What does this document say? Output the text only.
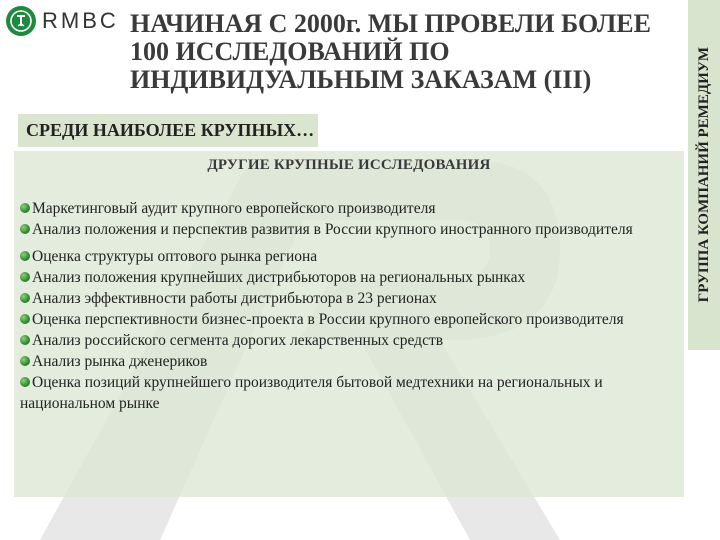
RMBC НАЧИНАЯ С 2000г. МЫ ПРОВЕЛИ БОЛЕЕ 100 ИССЛЕДОВАНИЙ ПО ИНДИВИДУАЛЬНЫМ ЗАКАЗАМ (III)	ГРУППА КОМПАНИЙ РЕМЕДИУМ
СРЕДИ НАИБОЛЕЕ КРУПНЫХ…
ДРУГИЕ КРУПНЫЕ ИССЛЕДОВАНИЯ
Маркетинговый аудит крупного европейского производителя
Анализ положения и перспектив развития в России крупного иностранного производителя
Оценка структуры оптового рынка региона
Анализ положения крупнейших дистрибьюторов на региональных рынках
Анализ эффективности работы дистрибьютора в 23 регионах
Оценка перспективности бизнес-проекта в России крупного европейского производителя
Анализ российского сегмента дорогих лекарственных средств
Анализ рынка дженериков
Оценка позиций крупнейшего производителя бытовой медтехники на региональных и национальном рынке
